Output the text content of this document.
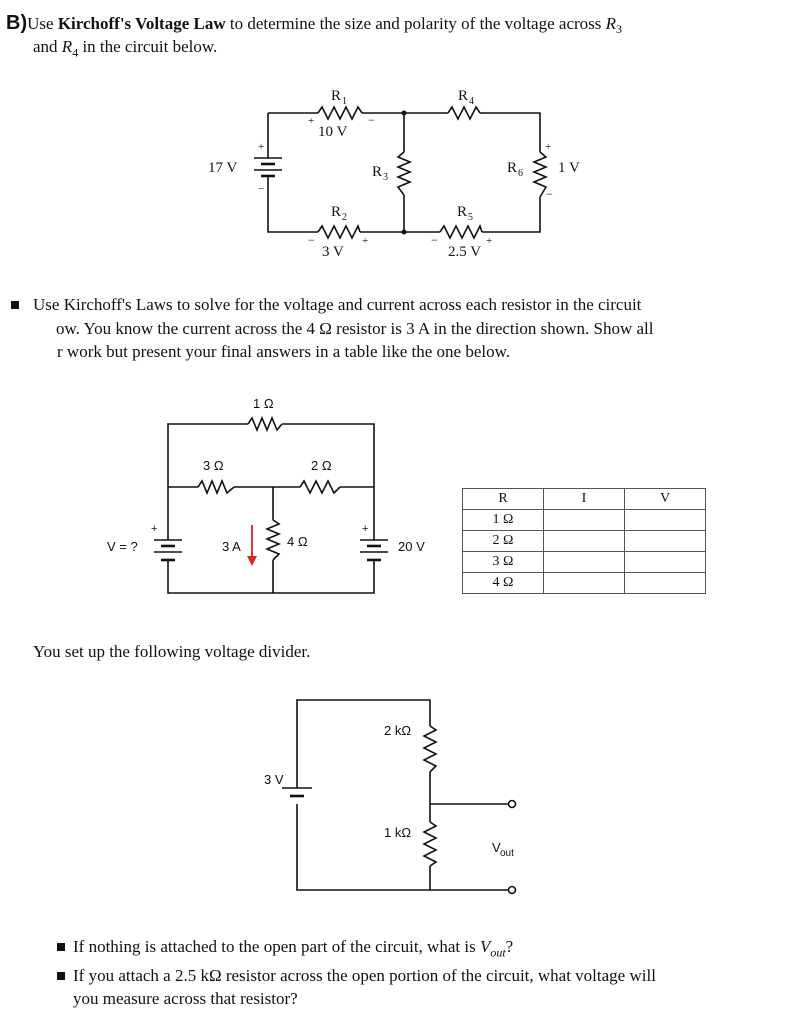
B)Use Kirchoff's Voltage Law to determine the size and polarity of the voltage across $R_3$
and $R_4$ in the circuit below.
17 V
+
−
R 1
+	−
10 V
R 3
R 4
R 6
+
−
1 V
R 2
−	+
3 V
R 5
−	+
2.5 V
Use Kirchoff's Laws to solve for the voltage and current across each resistor in the circuit
ow. You know the current across the 4 Ω resistor is 3 A in the direction shown. Show all
r work but present your final answers in a table like the one below.
1 Ω
3 Ω	2 Ω
4 Ω
+
V = ?
+
20 V
3 A
R	I	V
1 Ω		
2 Ω		
3 Ω		
4 Ω		
You set up the following voltage divider.
3 V
2 kΩ
1 kΩ
V out
If nothing is attached to the open part of the circuit, what is $V_{out}$?
If you attach a 2.5 kΩ resistor across the open portion of the circuit, what voltage will
you measure across that resistor?
